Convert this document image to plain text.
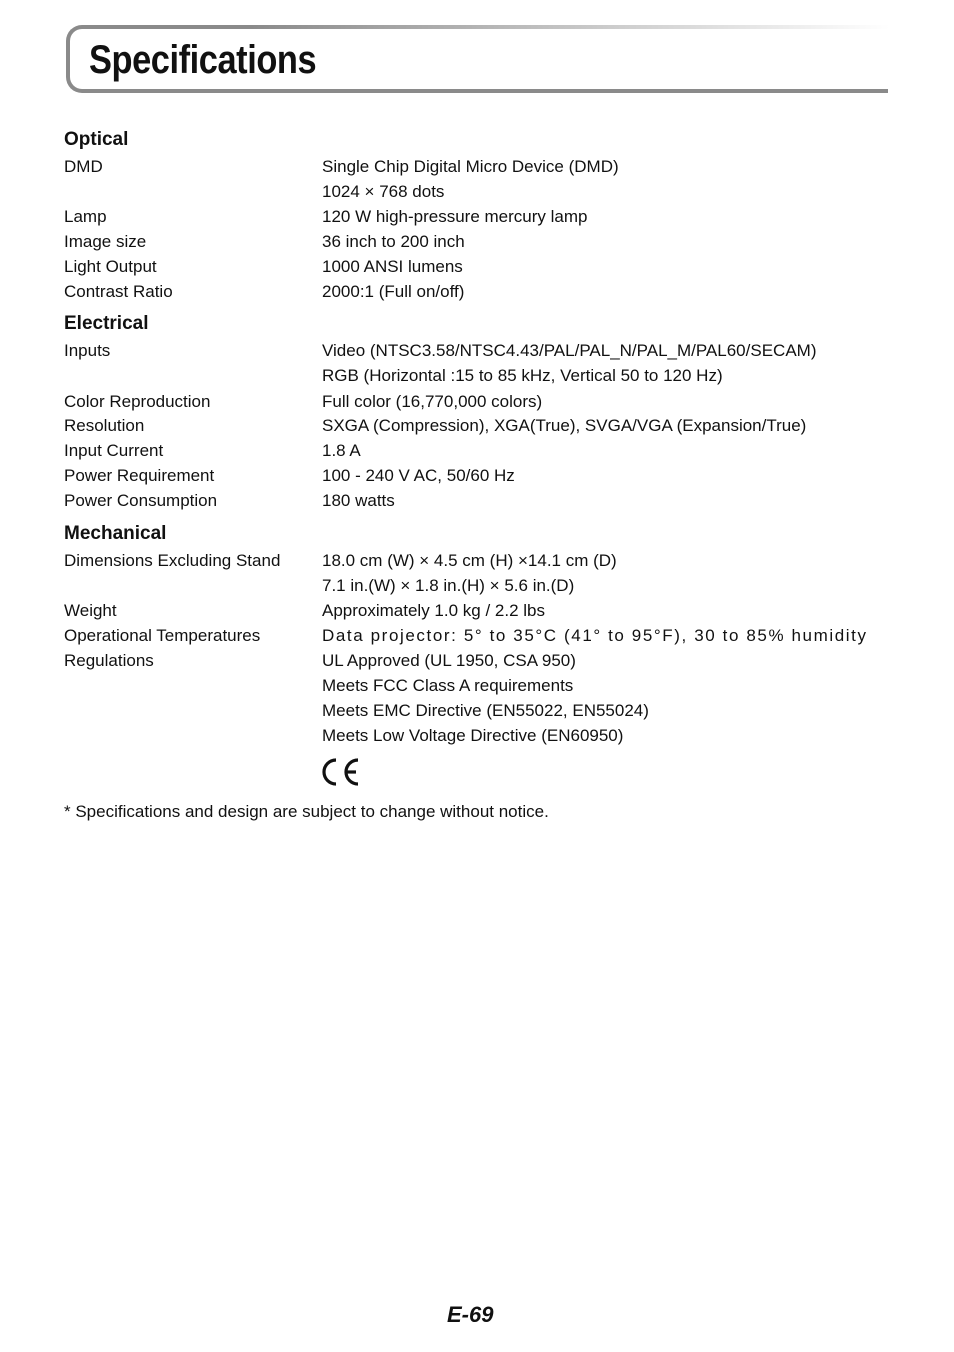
Specifications
Optical
DMD	Single Chip Digital Micro Device (DMD)
1024 × 768 dots
Lamp	120 W high-pressure mercury lamp
Image size	36 inch to 200 inch
Light Output	1000 ANSI lumens
Contrast Ratio	2000:1 (Full on/off)
Electrical
Inputs	Video (NTSC3.58/NTSC4.43/PAL/PAL_N/PAL_M/PAL60/SECAM)
RGB (Horizontal :15 to 85 kHz, Vertical 50 to 120 Hz)
Color Reproduction	Full color (16,770,000 colors)
Resolution	SXGA (Compression), XGA(True), SVGA/VGA (Expansion/True)
Input Current	1.8 A
Power Requirement	100 - 240 V AC, 50/60 Hz
Power Consumption	180 watts
Mechanical
Dimensions Excluding Stand 18.0 cm (W) × 4.5 cm (H) ×14.1 cm (D)
7.1 in.(W) × 1.8 in.(H) × 5.6 in.(D)
Weight	Approximately 1.0 kg / 2.2 lbs
Operational Temperatures	Data projector: 5° to 35°C (41° to 95°F), 30 to 85% humidity
Regulations	UL Approved (UL 1950, CSA 950)
Meets FCC Class A requirements
Meets EMC Directive (EN55022, EN55024)
Meets Low Voltage Directive (EN60950)
* Specifications and design are subject to change without notice.
E-69
